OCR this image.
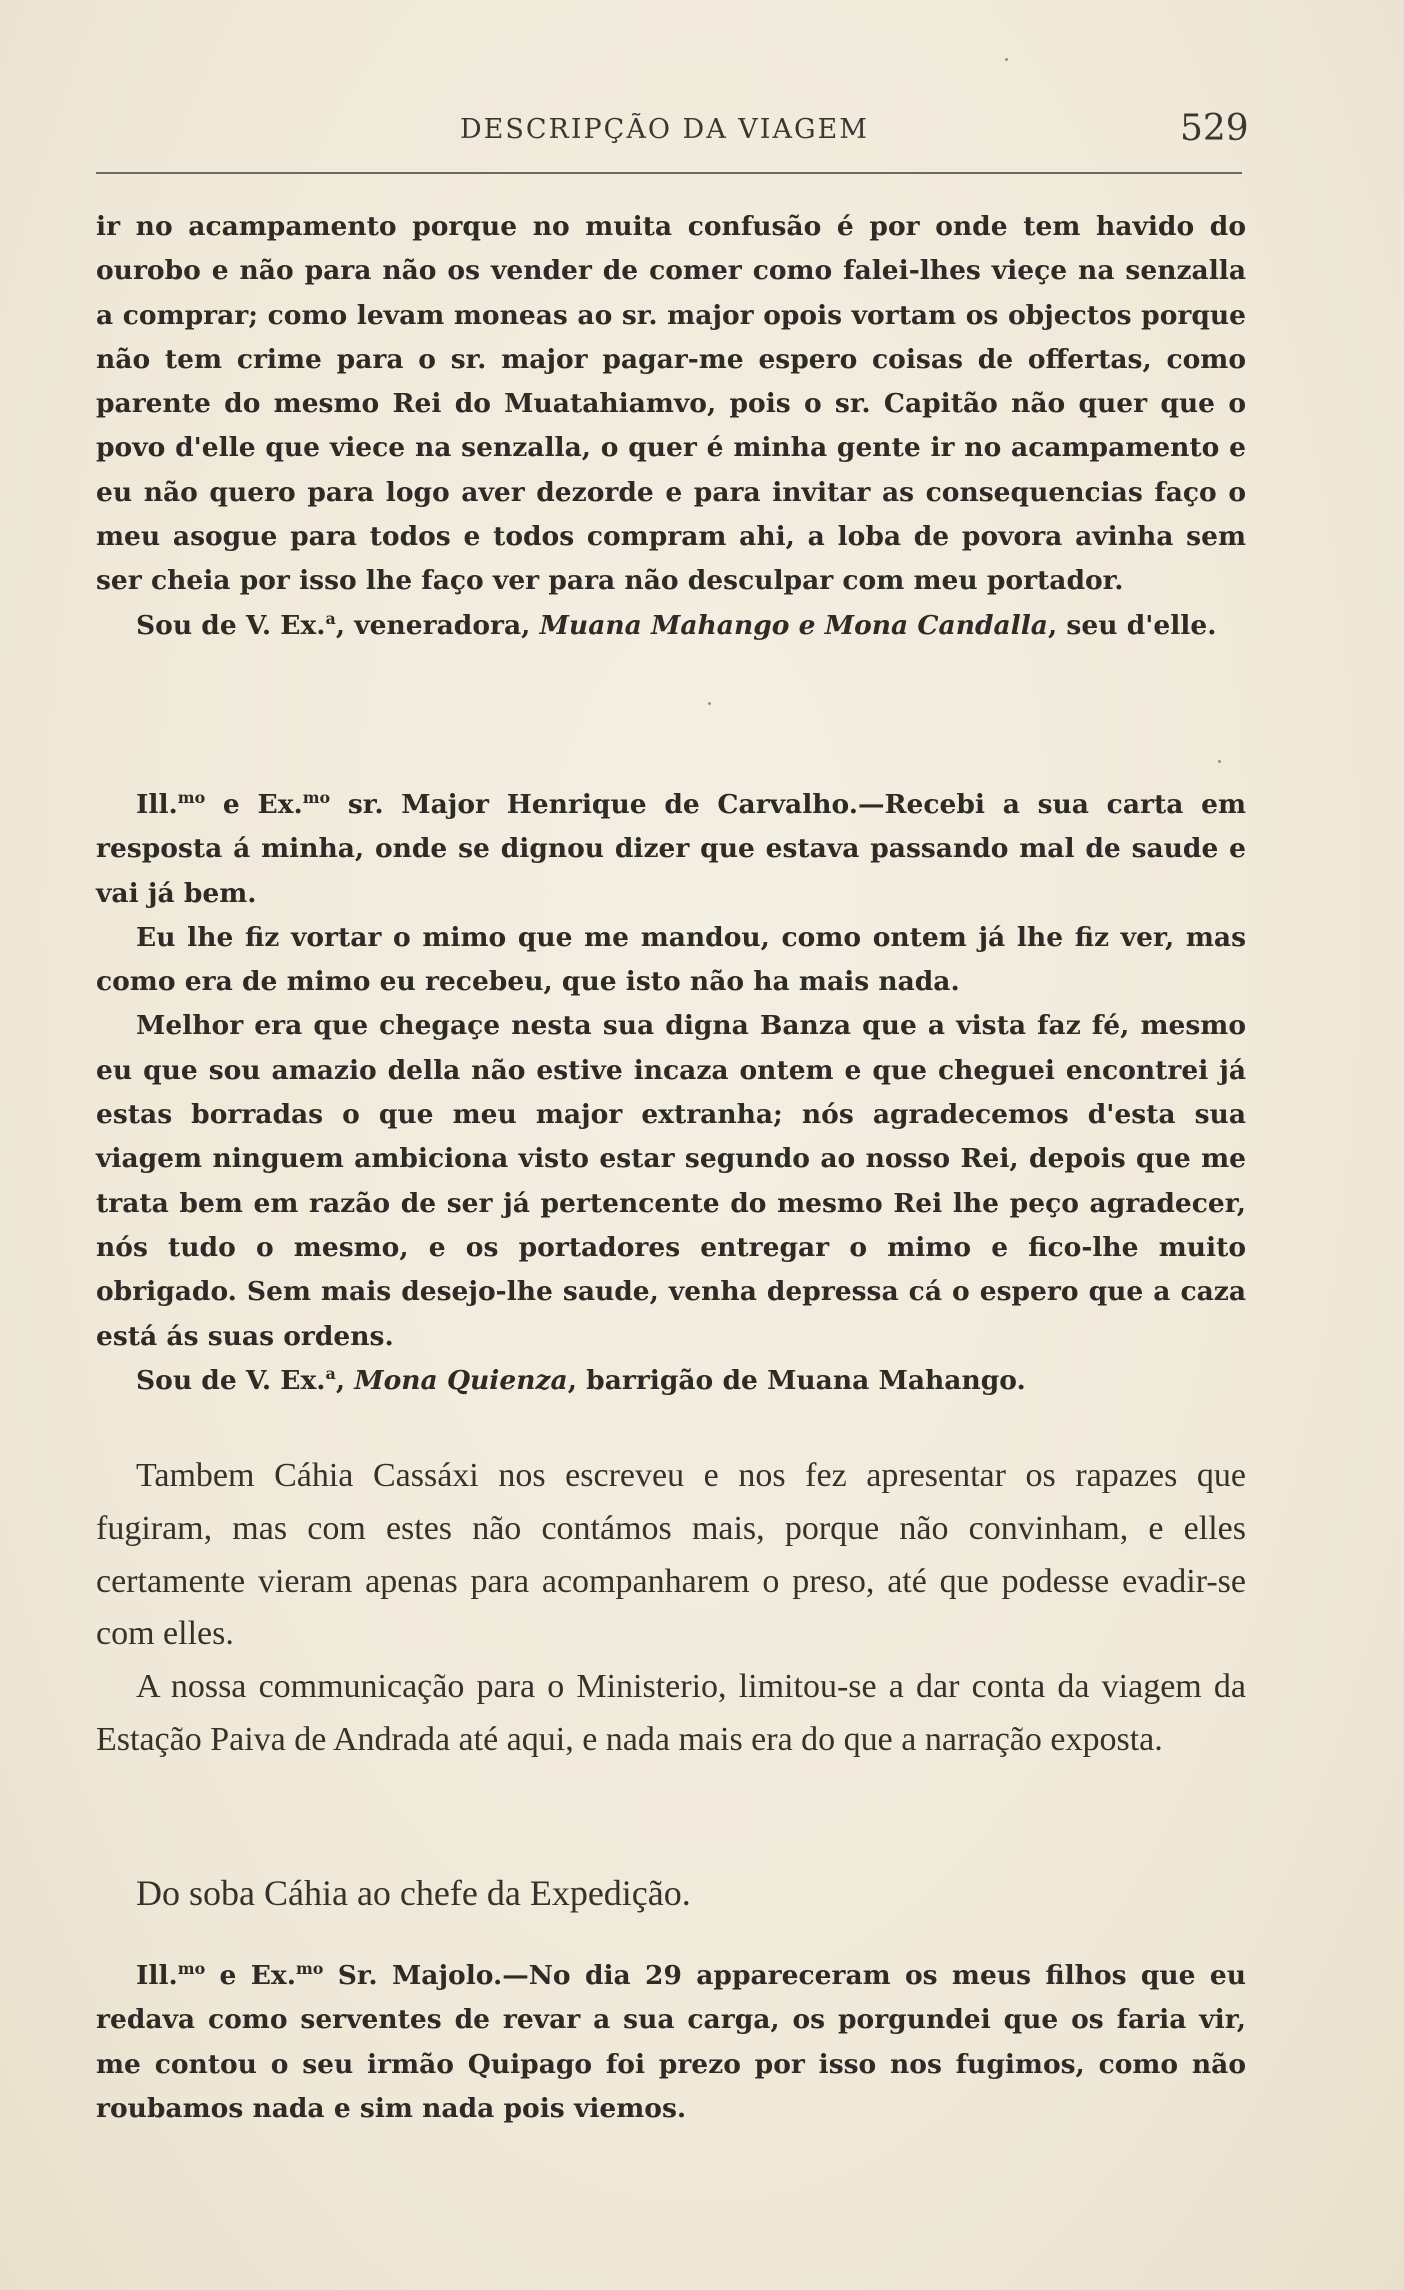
DESCRIPÇÃO DA VIAGEM	529

ir no acampamento porque no muita confusão é por onde tem havido do ourobo e não para não os vender de comer como falei-lhes vieçe na senzalla a comprar; como levam moneas ao sr. major opois vortam os objectos porque não tem crime para o sr. major pagar-me espero coisas de offertas, como parente do mesmo Rei do Muatahiamvo, pois o sr. Capitão não quer que o povo d'elle que viece na senzalla, o quer é minha gente ir no acampamento e eu não quero para logo aver dezorde e para invitar as consequencias faço o meu asogue para todos e todos compram ahi, a loba de povora avinha sem ser cheia por isso lhe faço ver para não desculpar com meu portador.

Sou de V. Ex.$^a$, veneradora, Muana Mahango e Mona Candalla, seu d'elle.

Ill.$^{mo}$ e Ex.$^{mo}$ sr. Major Henrique de Carvalho.—Recebi a sua carta em resposta á minha, onde se dignou dizer que estava passando mal de saude e vai já bem.

Eu lhe fiz vortar o mimo que me mandou, como ontem já lhe fiz ver, mas como era de mimo eu recebeu, que isto não ha mais nada.

Melhor era que chegaçe nesta sua digna Banza que a vista faz fé, mesmo eu que sou amazio della não estive incaza ontem e que cheguei encontrei já estas borradas o que meu major extranha; nós agradecemos d'esta sua viagem ninguem ambiciona visto estar segundo ao nosso Rei, depois que me trata bem em razão de ser já pertencente do mesmo Rei lhe peço agradecer, nós tudo o mesmo, e os portadores entregar o mimo e fico-lhe muito obrigado. Sem mais desejo-lhe saude, venha depressa cá o espero que a caza está ás suas ordens.

Sou de V. Ex.$^a$, Mona Quienza, barrigão de Muana Mahango.

Tambem Cáhia Cassáxi nos escreveu e nos fez apresentar os rapazes que fugiram, mas com estes não contámos mais, porque não convinham, e elles certamente vieram apenas para acompanharem o preso, até que podesse evadir-se com elles.

A nossa communicação para o Ministerio, limitou-se a dar conta da viagem da Estação Paiva de Andrada até aqui, e nada mais era do que a narração exposta.

Do soba Cáhia ao chefe da Expedição.

Ill.$^{mo}$ e Ex.$^{mo}$ Sr. Majolo.—No dia 29 appareceram os meus filhos que eu redava como serventes de revar a sua carga, os porgundei que os faria vir, me contou o seu irmão Quipago foi prezo por isso nos fugimos, como não roubamos nada e sim nada pois viemos.
